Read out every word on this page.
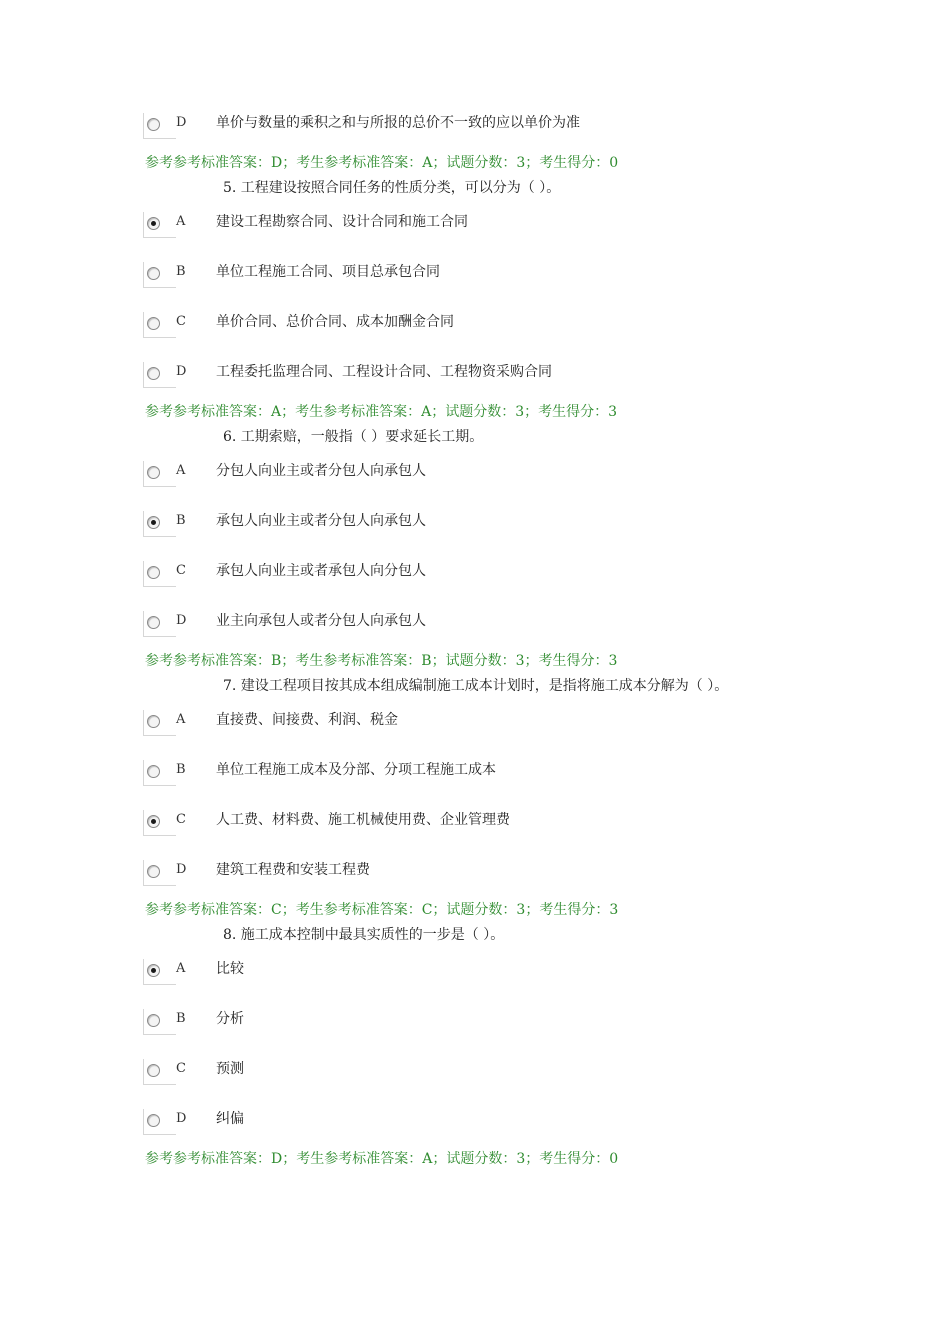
D 单价与数量的乘积之和与所报的总价不一致的应以单价为准
参考参考标准答案：D；考生参考标准答案：A；试题分数：3；考生得分：0
5. 工程建设按照合同任务的性质分类，可以分为（ ）。
A 建设工程勘察合同、设计合同和施工合同
B 单位工程施工合同、项目总承包合同
C 单价合同、总价合同、成本加酬金合同
D 工程委托监理合同、工程设计合同、工程物资采购合同
参考参考标准答案：A；考生参考标准答案：A；试题分数：3；考生得分：3
6. 工期索赔，一般指（ ）要求延长工期。
A 分包人向业主或者分包人向承包人
B 承包人向业主或者分包人向承包人
C 承包人向业主或者承包人向分包人
D 业主向承包人或者分包人向承包人
参考参考标准答案：B；考生参考标准答案：B；试题分数：3；考生得分：3
7. 建设工程项目按其成本组成编制施工成本计划时，是指将施工成本分解为（ ）。
A 直接费、间接费、利润、税金
B 单位工程施工成本及分部、分项工程施工成本
C 人工费、材料费、施工机械使用费、企业管理费
D 建筑工程费和安装工程费
参考参考标准答案：C；考生参考标准答案：C；试题分数：3；考生得分：3
8. 施工成本控制中最具实质性的一步是（ ）。
A 比较
B 分析
C 预测
D 纠偏
参考参考标准答案：D；考生参考标准答案：A；试题分数：3；考生得分：0
